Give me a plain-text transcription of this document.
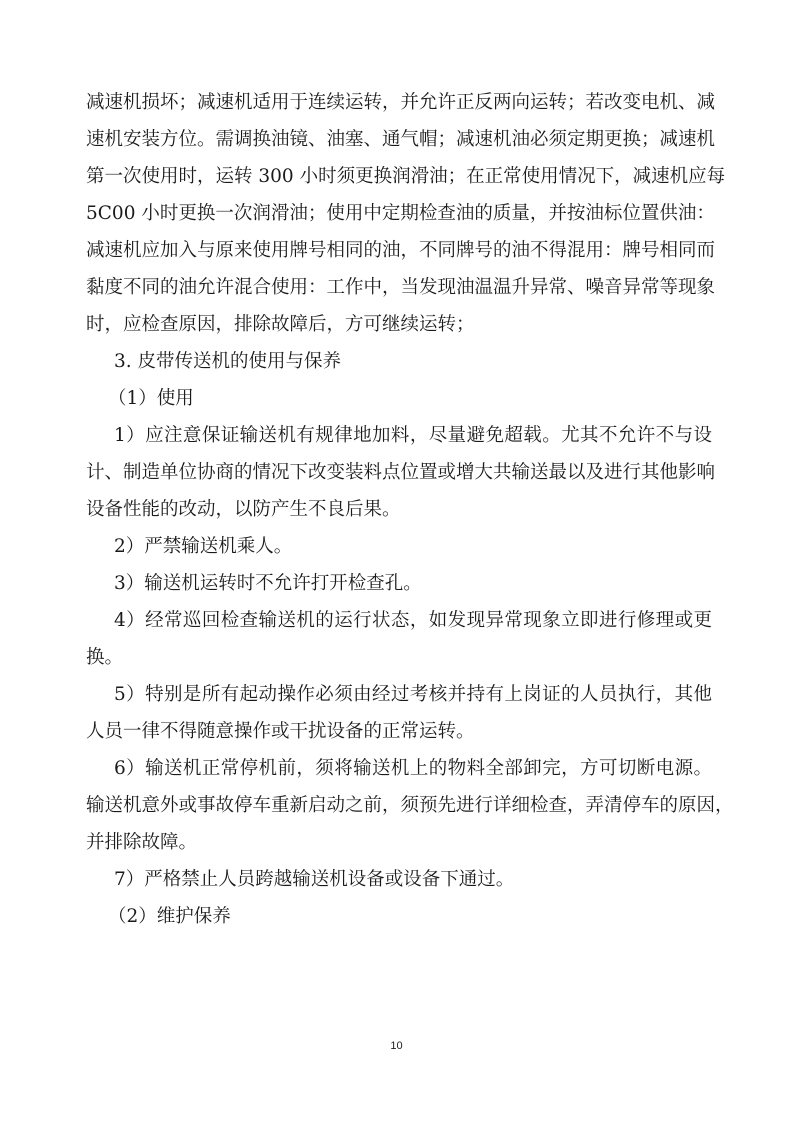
减速机损坏；减速机适用于连续运转，并允许正反两向运转；若改变电机、减
速机安装方位。需调换油镜、油塞、通气帽；减速机油必须定期更换；减速机
第一次使用时，运转 300 小时须更换润滑油；在正常使用情况下，减速机应每
5C00 小时更换一次润滑油；使用中定期检查油的质量，并按油标位置供油：
减速机应加入与原来使用牌号相同的油，不同牌号的油不得混用：牌号相同而
黏度不同的油允许混合使用：工作中，当发现油温温升异常、噪音异常等现象
时，应检查原因，排除故障后，方可继续运转；
3. 皮带传送机的使用与保养
（1）使用
1）应注意保证输送机有规律地加料，尽量避免超载。尤其不允许不与设
计、制造单位协商的情况下改变装料点位置或增大共输送最以及进行其他影响
设备性能的改动，以防产生不良后果。
2）严禁输送机乘人。
3）输送机运转时不允许打开检查孔。
4）经常巡回检查输送机的运行状态，如发现异常现象立即进行修理或更
换。
5）特别是所有起动操作必须由经过考核并持有上岗证的人员执行，其他
人员一律不得随意操作或干扰设备的正常运转。
6）输送机正常停机前，须将输送机上的物料全部卸完，方可切断电源。
输送机意外或事故停车重新启动之前，须预先进行详细检查，弄清停车的原因，
并排除故障。
7）严格禁止人员跨越输送机设备或设备下通过。
（2）维护保养
10
